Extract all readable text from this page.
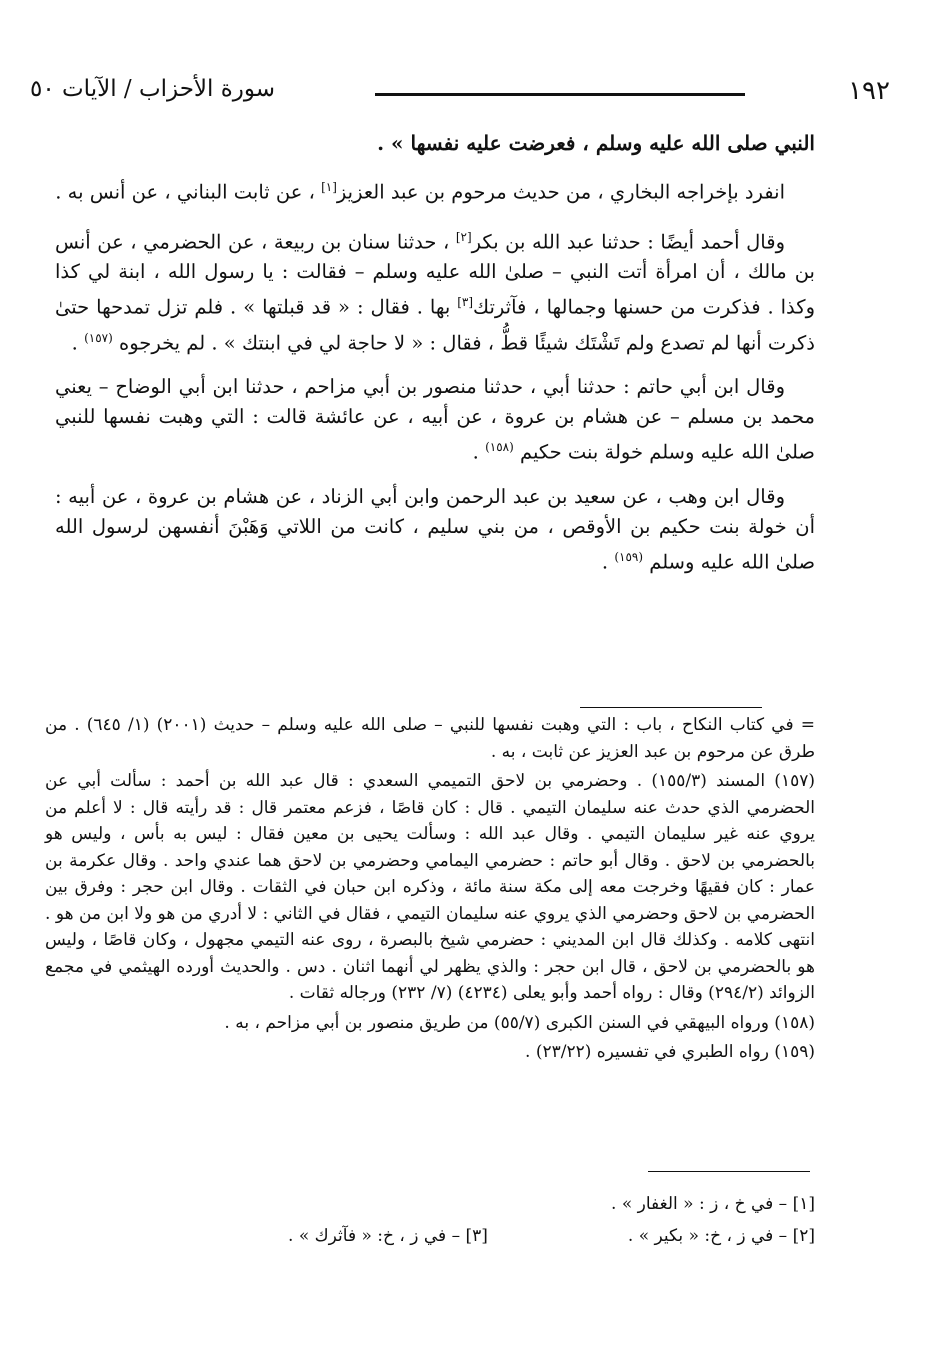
١٩٢
سورة الأحزاب / الآيات ٥٠

النبي صلى الله عليه وسلم ، فعرضت عليه نفسها » .

انفرد بإخراجه البخاري ، من حديث مرحوم بن عبد العزيز[١] ، عن ثابت البناني ، عن أنس به .

وقال أحمد أيضًا : حدثنا عبد الله بن بكر[٢] ، حدثنا سنان بن ربيعة ، عن الحضرمي ، عن أنس بن مالك ، أن امرأة أتت النبي – صلىٰ الله عليه وسلم – فقالت : يا رسول الله ، ابنة لي كذا وكذا . فذكرت من حسنها وجمالها ، فآثرتك[٣] بها . فقال : « قد قبلتها » . فلم تزل تمدحها حتىٰ ذكرت أنها لم تصدع ولم تَشْتَك شيئًا قطُّ ، فقال : « لا حاجة لي في ابنتك » . لم يخرجوه $^{(١٥٧)}$ .

وقال ابن أبي حاتم : حدثنا أبي ، حدثنا منصور بن أبي مزاحم ، حدثنا ابن أبي الوضاح – يعني محمد بن مسلم – عن هشام بن عروة ، عن أبيه ، عن عائشة قالت : التي وهبت نفسها للنبي صلىٰ الله عليه وسلم خولة بنت حكيم $^{(١٥٨)}$ .

وقال ابن وهب ، عن سعيد بن عبد الرحمن وابن أبي الزناد ، عن هشام بن عروة ، عن أبيه : أن خولة بنت حكيم بن الأوقص ، من بني سليم ، كانت من اللاتي وَهَبْنَ أنفسهن لرسول الله صلىٰ الله عليه وسلم $^{(١٥٩)}$ .

= في كتاب النكاح ، باب : التي وهبت نفسها للنبي – صلى الله عليه وسلم – حديث (٢٠٠١) (١/ ٦٤٥) . من طرق عن مرحوم بن عبد العزيز عن ثابت ، به .

(١٥٧) المسند (١٥٥/٣) . وحضرمي بن لاحق التميمي السعدي : قال عبد الله بن أحمد : سألت أبي عن الحضرمي الذي حدث عنه سليمان التيمي . قال : كان قاصًا ، فزعم معتمر قال : قد رأيته قال : لا أعلم من يروي عنه غير سليمان التيمي . وقال عبد الله : وسألت يحيى بن معين فقال : ليس به بأس ، وليس هو بالحضرمي بن لاحق . وقال أبو حاتم : حضرمي اليمامي وحضرمي بن لاحق هما عندي واحد . وقال عكرمة بن عمار : كان فقيهًا وخرجت معه إلى مكة سنة مائة ، وذكره ابن حبان في الثقات . وقال ابن حجر : وفرق بين الحضرمي بن لاحق وحضرمي الذي يروي عنه سليمان التيمي ، فقال في الثاني : لا أدري من هو ولا ابن من هو . انتهى كلامه . وكذلك قال ابن المديني : حضرمي شيخ بالبصرة ، روى عنه التيمي مجهول ، وكان قاصًا ، وليس هو بالحضرمي بن لاحق ، قال ابن حجر : والذي يظهر لي أنهما اثنان . دس . والحديث أورده الهيثمي في مجمع الزوائد (٢٩٤/٢) وقال : رواه أحمد وأبو يعلى (٤٢٣٤) (٧/ ٢٣٢) ورجاله ثقات .

(١٥٨) ورواه البيهقي في السنن الكبرى (٥٥/٧) من طريق منصور بن أبي مزاحم ، به .

(١٥٩) رواه الطبري في تفسيره (٢٣/٢٢) .

[١] – في خ ، ز : « الغفار » .
[٢] – في ز ، خ: « بكير » .
[٣] – في ز ، خ: « فآثرك » .
